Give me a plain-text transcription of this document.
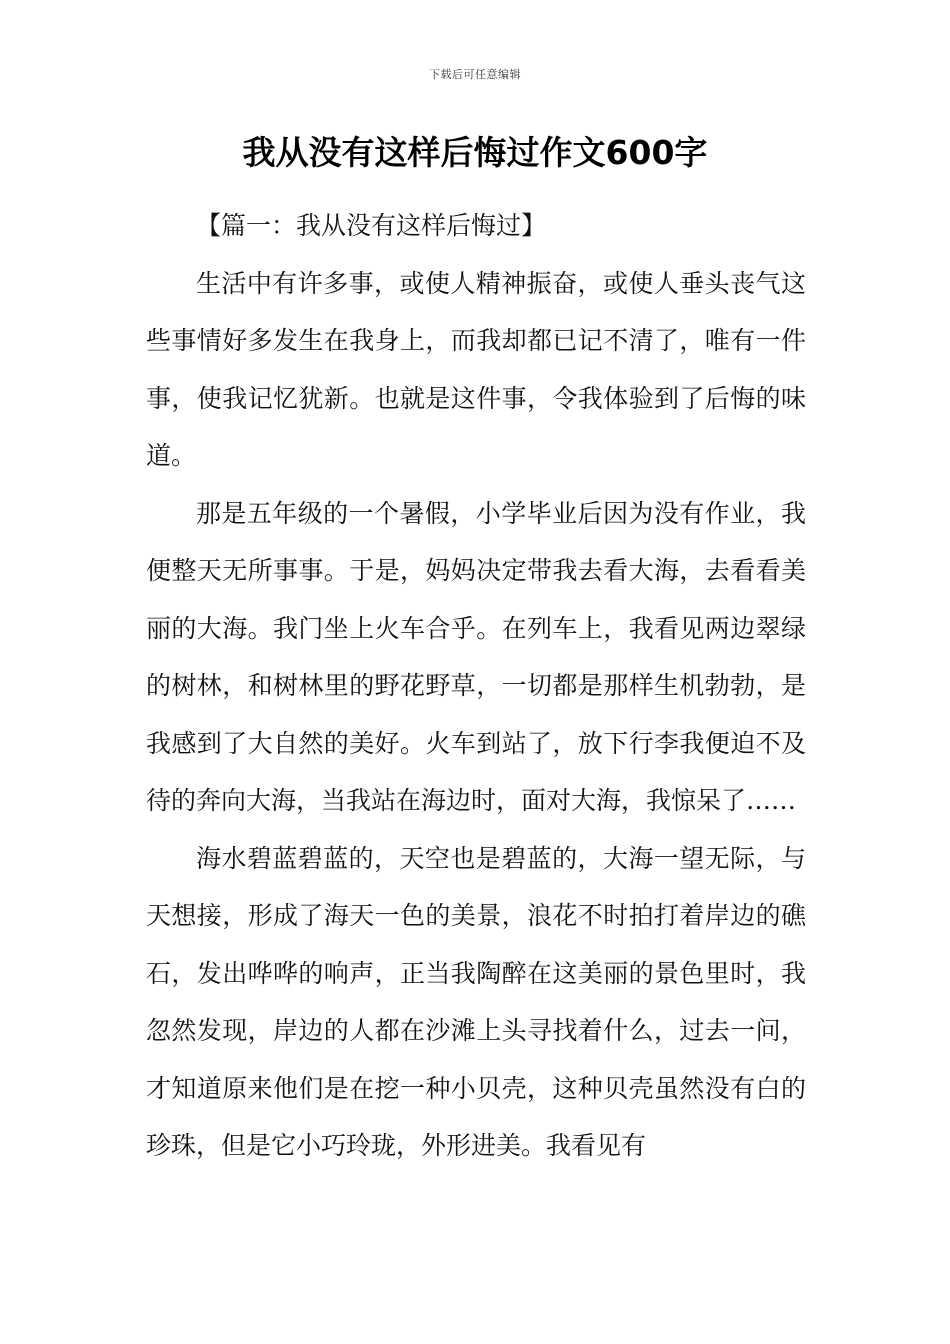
下载后可任意编辑
我从没有这样后悔过作文600字

【篇一：我从没有这样后悔过】

生活中有许多事，或使人精神振奋，或使人垂头丧气这些事情好多发生在我身上，而我却都已记不清了，唯有一件事，使我记忆犹新。也就是这件事，令我体验到了后悔的味道。

那是五年级的一个暑假，小学毕业后因为没有作业，我便整天无所事事。于是，妈妈决定带我去看大海，去看看美丽的大海。我门坐上火车合乎。在列车上，我看见两边翠绿的树林，和树林里的野花野草，一切都是那样生机勃勃，是我感到了大自然的美好。火车到站了，放下行李我便迫不及待的奔向大海，当我站在海边时，面对大海，我惊呆了……

海水碧蓝碧蓝的，天空也是碧蓝的，大海一望无际，与天想接，形成了海天一色的美景，浪花不时拍打着岸边的礁石，发出哗哗的响声，正当我陶醉在这美丽的景色里时，我忽然发现，岸边的人都在沙滩上头寻找着什么，过去一问，才知道原来他们是在挖一种小贝壳，这种贝壳虽然没有白的珍珠，但是它小巧玲珑，外形进美。我看见有
